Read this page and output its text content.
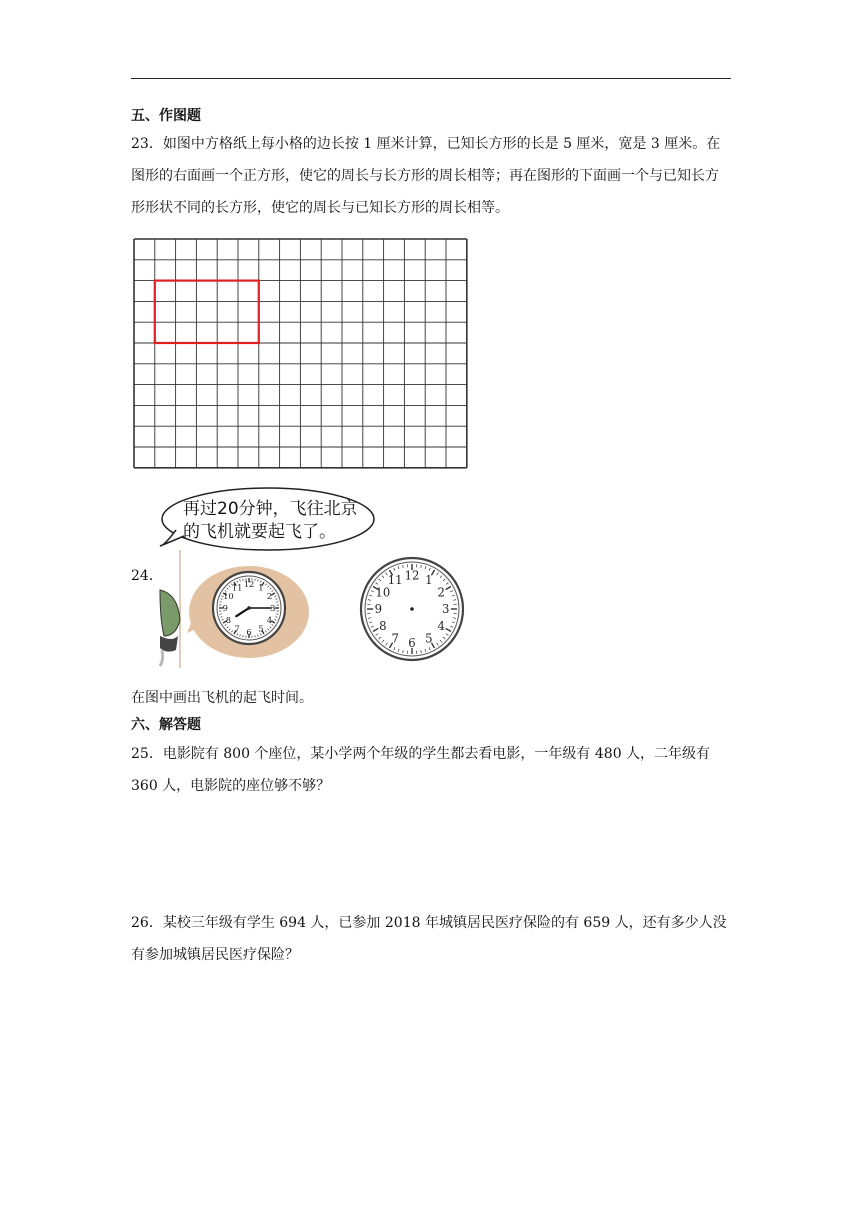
五、作图题
23．如图中方格纸上每小格的边长按 1 厘米计算，已知长方形的长是 5 厘米，宽是 3 厘米。在图形的右面画一个正方形，使它的周长与长方形的周长相等；再在图形的下面画一个与已知长方形形状不同的长方形，使它的周长与已知长方形的周长相等。
再过20分钟，飞往北京
的飞机就要起飞了。
24．
12 1
2
3
4
5
6
7
8
9
10
11
12 1
2
3
4
5
6
7
8
9
10
11
在图中画出飞机的起飞时间。
六、解答题
25．电影院有 800 个座位，某小学两个年级的学生都去看电影，一年级有 480 人，二年级有 360 人，电影院的座位够不够？
26．某校三年级有学生 694 人，已参加 2018 年城镇居民医疗保险的有 659 人，还有多少人没有参加城镇居民医疗保险？
